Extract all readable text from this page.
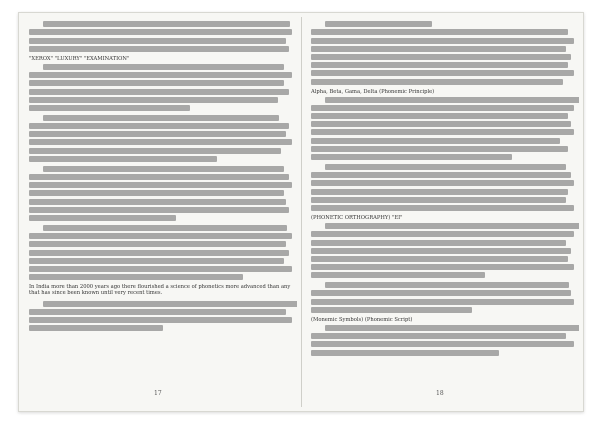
"XEROX" "LUXURY" "EXAMINATION"
In India more than 2000 years ago there flourished a science of phonetics more advanced than any that has since been known until very recent times.
17
Alpha, Beta, Gama, Delta (Phonemic Principle)
(PHONETIC ORTHOGRAPHY) "EI"
(Monemic Symbols) (Phonemic Script)
18
